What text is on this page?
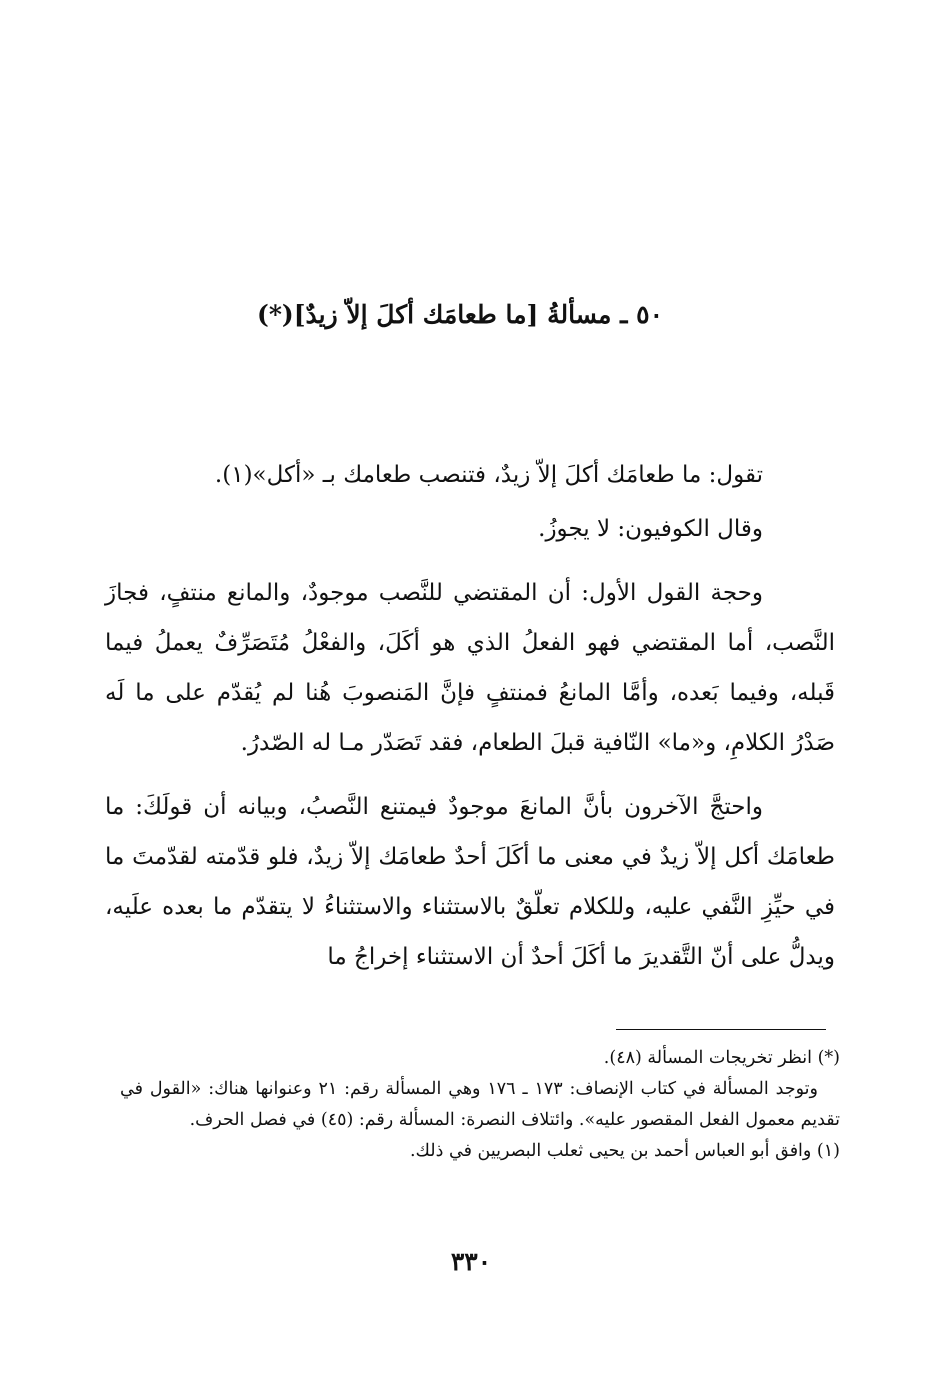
٥٠ ـ مسألةُ [ما طعامَك أكلَ إلاّ زيدٌ](*)

تقول: ما طعامَك أكلَ إلاّ زيدٌ، فتنصب طعامك بـ «أكل»(١).

وقال الكوفيون: لا يجوزُ.

وحجة القول الأول: أن المقتضي للنَّصب موجودٌ، والمانع منتفٍ، فجازَ النَّصب، أما المقتضي فهو الفعلُ الذي هو أكَلَ، والفعْلُ مُتَصَرِّفٌ يعملُ فيما قَبله، وفيما بَعده، وأمَّا المانعُ فمنتفٍ فإنَّ المَنصوبَ هُنا لم يُقدّم على ما لَه صَدْرُ الكلامِ، و«ما» النّافية قبلَ الطعام، فقد تَصَدّر مـا له الصّدرُ.

واحتجَّ الآخرون بأنَّ المانعَ موجودٌ فيمتنع النَّصبُ، وبيانه أن قولَكَ: ما طعامَك أكل إلاّ زيدٌ في معنى ما أكَلَ أحدٌ طعامَك إلاّ زيدٌ، فلو قدّمته لقدّمتَ ما في حيِّزِ النَّفي عليه، وللكلام تعلّقٌ بالاستثناء والاستثناءُ لا يتقدّم ما بعده علَيه، ويدلُّ على أنّ التَّقديرَ ما أكَلَ أحدٌ أن الاستثناء إخراجُ ما

(*) انظر تخريجات المسألة (٤٨).

وتوجد المسألة في كتاب الإنصاف: ١٧٣ ـ ١٧٦ وهي المسألة رقم: ٢١ وعنوانها هناك: «القول في تقديم معمول الفعل المقصور عليه». وائتلاف النصرة: المسألة رقم: (٤٥) في فصل الحرف.

(١) وافق أبو العباس أحمد بن يحيى ثعلب البصريين في ذلك.

٣٣٠
